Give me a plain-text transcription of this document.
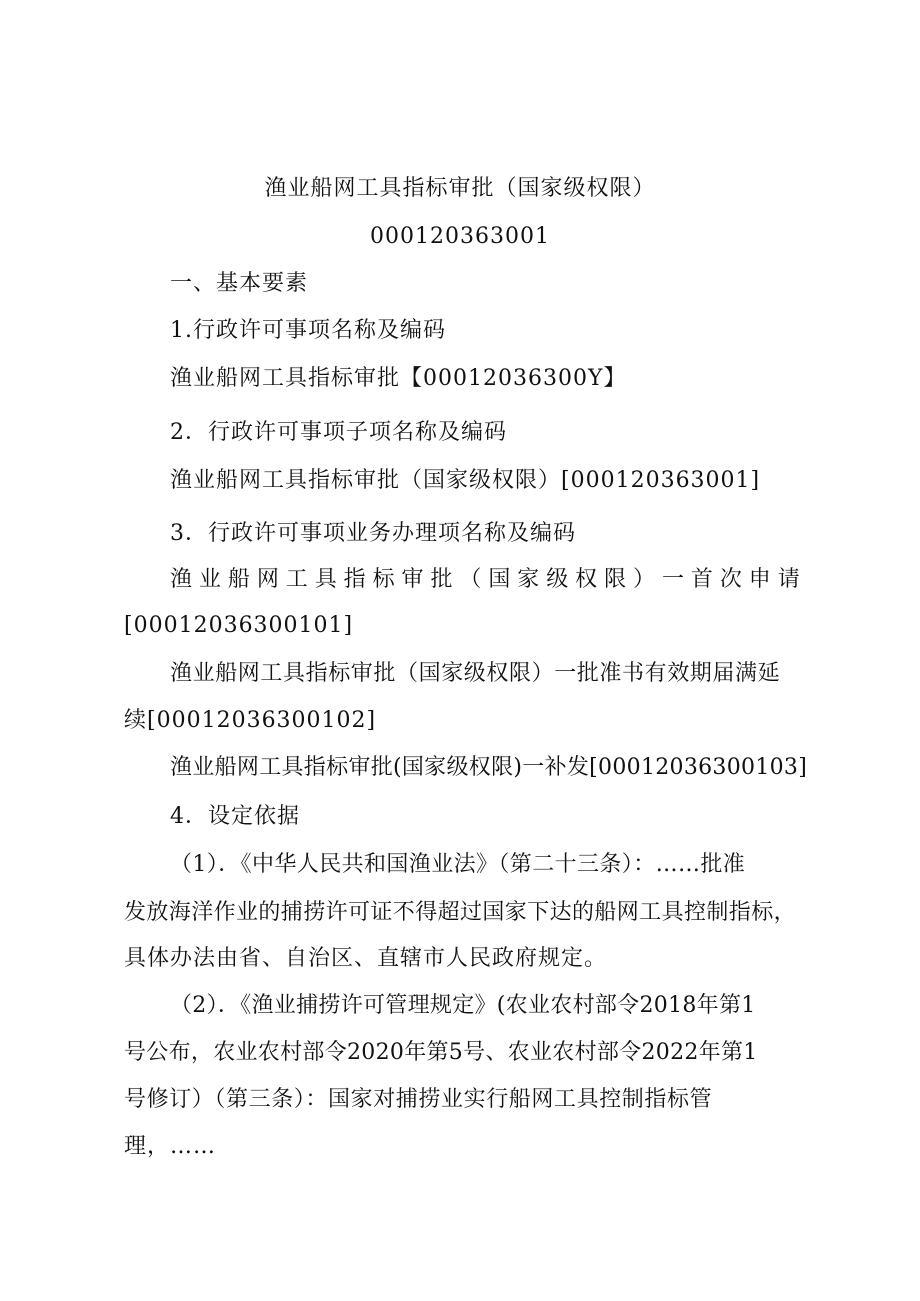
渔业船网工具指标审批（国家级权限）
000120363001
一、基本要素
1.行政许可事项名称及编码
渔业船网工具指标审批【00012036300Y】
2．行政许可事项子项名称及编码
渔业船网工具指标审批（国家级权限）[000120363001]
3．行政许可事项业务办理项名称及编码
渔 业 船 网 工 具 指 标 审 批 （ 国 家 级 权 限 ） 一 首 次 申 请
[00012036300101]
渔业船网工具指标审批（国家级权限）一批准书有效期届满延
续[00012036300102]
渔业船网工具指标审批(国家级权限)一补发[00012036300103]
4．设定依据
（1）．《中华人民共和国渔业法》（第二十三条）：……批准
发放海洋作业的捕捞许可证不得超过国家下达的船网工具控制指标，
具体办法由省、自治区、直辖市人民政府规定。
（2）．《渔业捕捞许可管理规定》(农业农村部令2018年第1
号公布，农业农村部令2020年第5号、农业农村部令2022年第1
号修订）（第三条）：国家对捕捞业实行船网工具控制指标管
理，……
